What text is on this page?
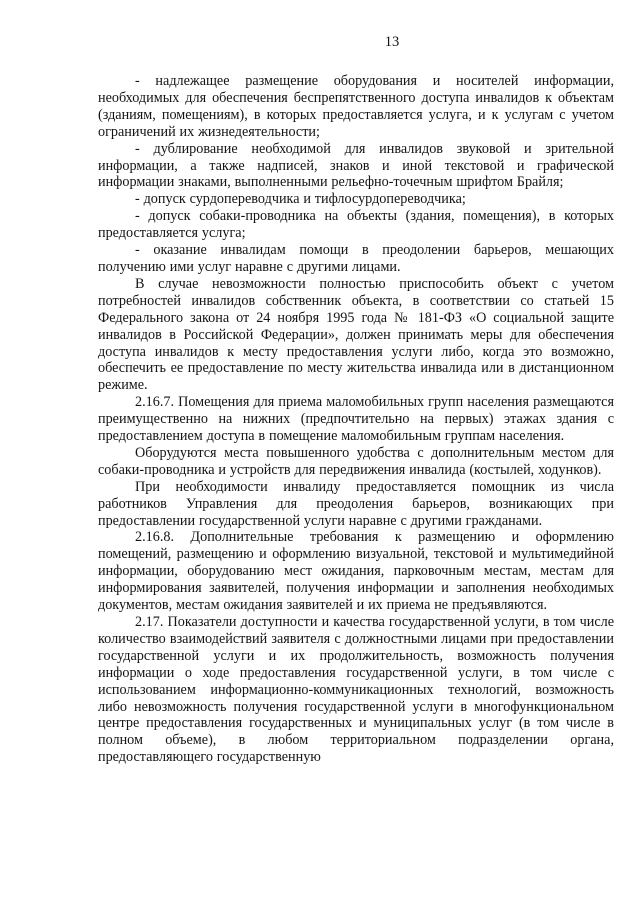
13

- надлежащее размещение оборудования и носителей информации, необходимых для обеспечения беспрепятственного доступа инвалидов к объектам (зданиям, помещениям), в которых предоставляется услуга, и к услугам с учетом ограничений их жизнедеятельности;

- дублирование необходимой для инвалидов звуковой и зрительной информации, а также надписей, знаков и иной текстовой и графической информации знаками, выполненными рельефно-точечным шрифтом Брайля;

- допуск сурдопереводчика и тифлосурдопереводчика;

- допуск собаки-проводника на объекты (здания, помещения), в которых предоставляется услуга;

- оказание инвалидам помощи в преодолении барьеров, мешающих получению ими услуг наравне с другими лицами.

В случае невозможности полностью приспособить объект с учетом потребностей инвалидов собственник объекта, в соответствии со статьей 15 Федерального закона от 24 ноября 1995 года № 181-ФЗ «О социальной защите инвалидов в Российской Федерации», должен принимать меры для обеспечения доступа инвалидов к месту предоставления услуги либо, когда это возможно, обеспечить ее предоставление по месту жительства инвалида или в дистанционном режиме.

2.16.7. Помещения для приема маломобильных групп населения размещаются преимущественно на нижних (предпочтительно на первых) этажах здания с предоставлением доступа в помещение маломобильным группам населения.

Оборудуются места повышенного удобства с дополнительным местом для собаки-проводника и устройств для передвижения инвалида (костылей, ходунков).

При необходимости инвалиду предоставляется помощник из числа работников Управления для преодоления барьеров, возникающих при предоставлении государственной услуги наравне с другими гражданами.

2.16.8. Дополнительные требования к размещению и оформлению помещений, размещению и оформлению визуальной, текстовой и мультимедийной информации, оборудованию мест ожидания, парковочным местам, местам для информирования заявителей, получения информации и заполнения необходимых документов, местам ожидания заявителей и их приема не предъявляются.

2.17. Показатели доступности и качества государственной услуги, в том числе количество взаимодействий заявителя с должностными лицами при предоставлении государственной услуги и их продолжительность, возможность получения информации о ходе предоставления государственной услуги, в том числе с использованием информационно-коммуникационных технологий, возможность либо невозможность получения государственной услуги в многофункциональном центре предоставления государственных и муниципальных услуг (в том числе в полном объеме), в любом территориальном подразделении органа, предоставляющего государственную
